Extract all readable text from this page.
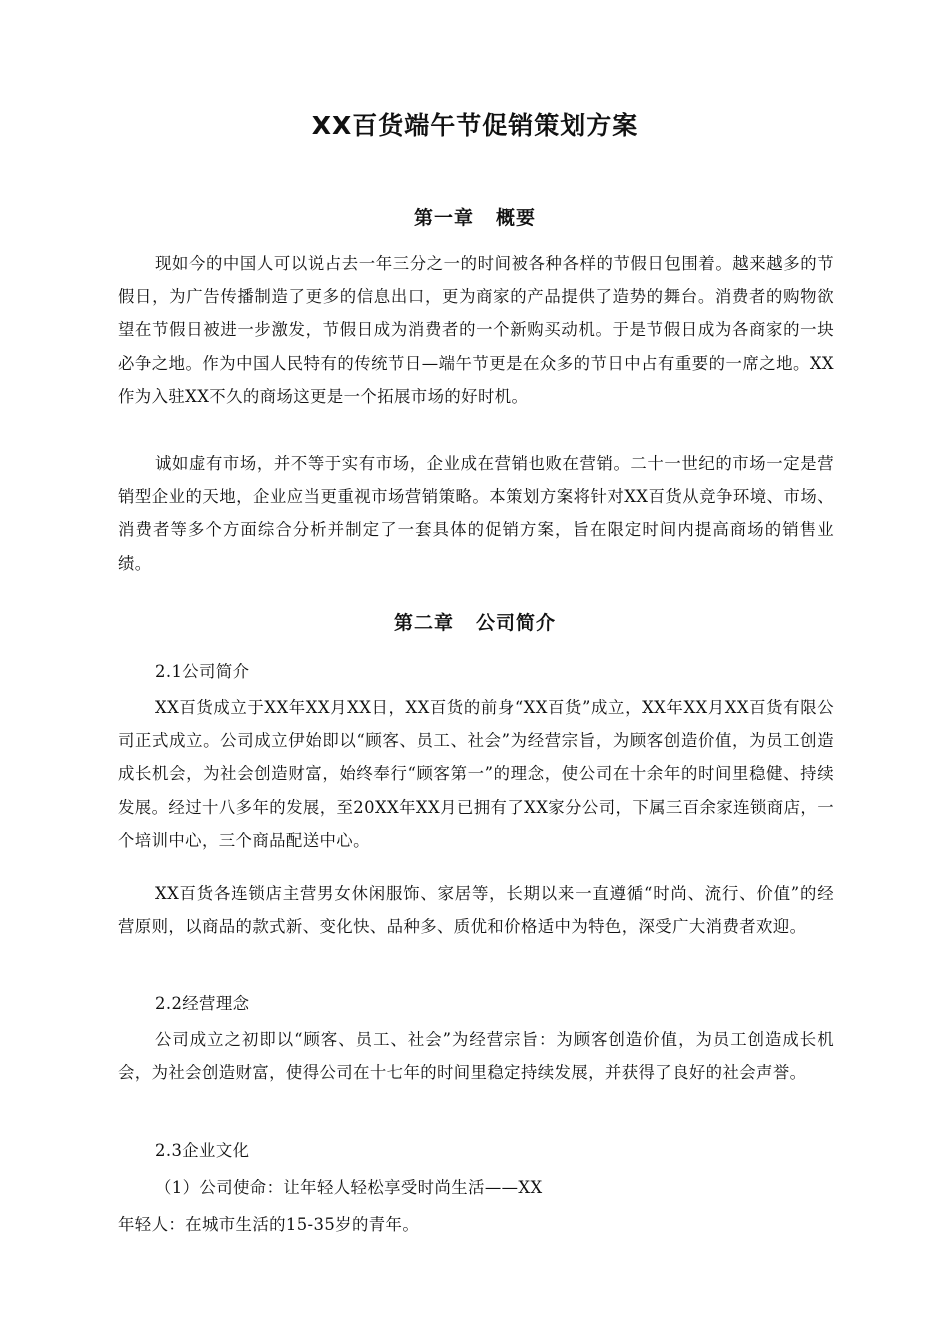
XX百货端午节促销策划方案
第一章 概要
现如今的中国人可以说占去一年三分之一的时间被各种各样的节假日包围着。越来越多的节假日，为广告传播制造了更多的信息出口，更为商家的产品提供了造势的舞台。消费者的购物欲望在节假日被进一步激发，节假日成为消费者的一个新购买动机。于是节假日成为各商家的一块必争之地。作为中国人民特有的传统节日—端午节更是在众多的节日中占有重要的一席之地。XX作为入驻XX不久的商场这更是一个拓展市场的好时机。
诚如虚有市场，并不等于实有市场，企业成在营销也败在营销。二十一世纪的市场一定是营销型企业的天地，企业应当更重视市场营销策略。本策划方案将针对XX百货从竞争环境、市场、消费者等多个方面综合分析并制定了一套具体的促销方案，旨在限定时间内提高商场的销售业绩。
第二章 公司简介
2.1公司简介
XX百货成立于XX年XX月XX日，XX百货的前身“XX百货”成立，XX年XX月XX百货有限公司正式成立。公司成立伊始即以“顾客、员工、社会”为经营宗旨，为顾客创造价值，为员工创造成长机会，为社会创造财富，始终奉行“顾客第一”的理念，使公司在十余年的时间里稳健、持续发展。经过十八多年的发展，至20XX年XX月已拥有了XX家分公司，下属三百余家连锁商店，一个培训中心，三个商品配送中心。
XX百货各连锁店主营男女休闲服饰、家居等，长期以来一直遵循“时尚、流行、价值”的经营原则，以商品的款式新、变化快、品种多、质优和价格适中为特色，深受广大消费者欢迎。
2.2经营理念
公司成立之初即以“顾客、员工、社会”为经营宗旨：为顾客创造价值，为员工创造成长机会，为社会创造财富，使得公司在十七年的时间里稳定持续发展，并获得了良好的社会声誉。
2.3企业文化
（1）公司使命：让年轻人轻松享受时尚生活——XX
年轻人：在城市生活的15-35岁的青年。
